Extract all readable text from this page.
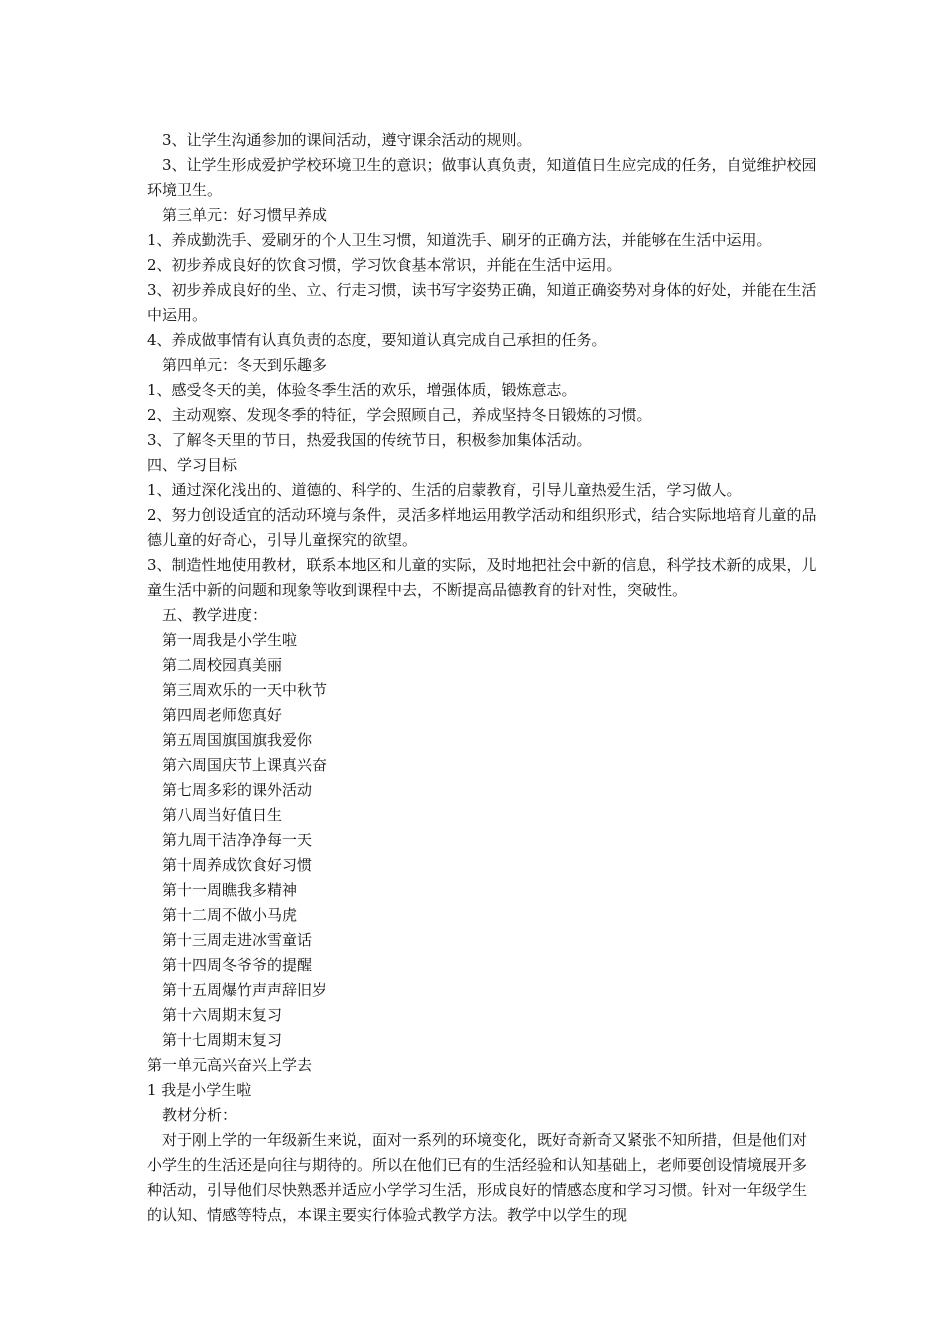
3、让学生沟通参加的课间活动，遵守课余活动的规则。
3、让学生形成爱护学校环境卫生的意识；做事认真负责，知道值日生应完成的任务，自觉维护校园环境卫生。
第三单元：好习惯早养成
1、养成勤洗手、爱刷牙的个人卫生习惯，知道洗手、刷牙的正确方法，并能够在生活中运用。
2、初步养成良好的饮食习惯，学习饮食基本常识，并能在生活中运用。
3、初步养成良好的坐、立、行走习惯，读书写字姿势正确，知道正确姿势对身体的好处，并能在生活中运用。
4、养成做事情有认真负责的态度，要知道认真完成自己承担的任务。
第四单元：冬天到乐趣多
1、感受冬天的美，体验冬季生活的欢乐，增强体质，锻炼意志。
2、主动观察、发现冬季的特征，学会照顾自己，养成坚持冬日锻炼的习惯。
3、了解冬天里的节日，热爱我国的传统节日，积极参加集体活动。
四、学习目标
1、通过深化浅出的、道德的、科学的、生活的启蒙教育，引导儿童热爱生活，学习做人。
2、努力创设适宜的活动环境与条件，灵活多样地运用教学活动和组织形式，结合实际地培育儿童的品德儿童的好奇心，引导儿童探究的欲望。
3、制造性地使用教材，联系本地区和儿童的实际，及时地把社会中新的信息，科学技术新的成果，儿童生活中新的问题和现象等收到课程中去，不断提高品德教育的针对性，突破性。
五、教学进度：
第一周我是小学生啦
第二周校园真美丽
第三周欢乐的一天中秋节
第四周老师您真好
第五周国旗国旗我爱你
第六周国庆节上课真兴奋
第七周多彩的课外活动
第八周当好值日生
第九周干洁净净每一天
第十周养成饮食好习惯
第十一周瞧我多精神
第十二周不做小马虎
第十三周走进冰雪童话
第十四周冬爷爷的提醒
第十五周爆竹声声辞旧岁
第十六周期末复习
第十七周期末复习
第一单元高兴奋兴上学去
1 我是小学生啦
教材分析：
对于刚上学的一年级新生来说，面对一系列的环境变化，既好奇新奇又紧张不知所措，但是他们对小学生的生活还是向往与期待的。所以在他们已有的生活经验和认知基础上，老师要创设情境展开多种活动，引导他们尽快熟悉并适应小学学习生活，形成良好的情感态度和学习习惯。针对一年级学生的认知、情感等特点，本课主要实行体验式教学方法。教学中以学生的现
